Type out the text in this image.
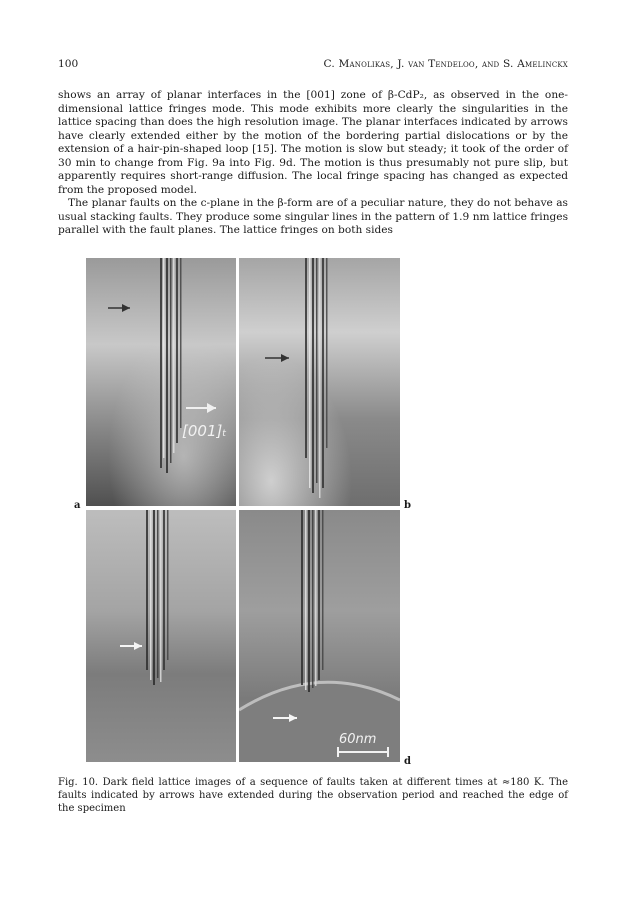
100	C. Manolikas, J. van Tendeloo, and S. Amelinckx

shows an array of planar interfaces in the [001] zone of β-CdP₂, as observed in the one-dimensional lattice fringes mode. This mode exhibits more clearly the singularities in the lattice spacing than does the high resolution image. The planar interfaces indicated by arrows have clearly extended either by the motion of the bordering partial dislocations or by the extension of a hair-pin-shaped loop [15]. The motion is slow but steady; it took of the order of 30 min to change from Fig. 9a into Fig. 9d. The motion is thus presumably not pure slip, but apparently requires short-range diffusion. The local fringe spacing has changed as expected from the proposed model.

The planar faults on the c-plane in the β-form are of a peculiar nature, they do not behave as usual stacking faults. They produce some singular lines in the pattern of 1.9 nm lattice fringes parallel with the fault planes. The lattice fringes on both sides

[001]ₜ
a	b
60nm
d
Fig. 10. Dark field lattice images of a sequence of faults taken at different times at ≈180 K. The faults indicated by arrows have extended during the observation period and reached the edge of the specimen
